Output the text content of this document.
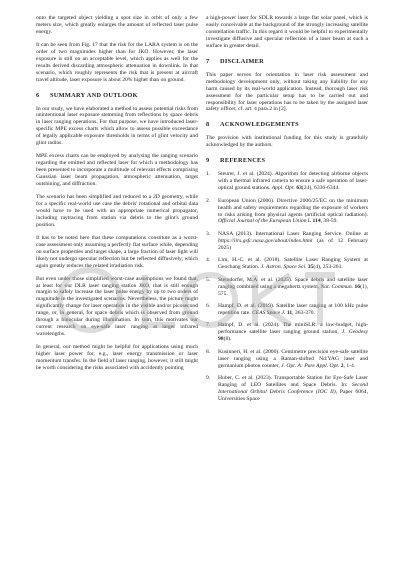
onto the targeted object yielding a spot size in orbit of only a few meters size, which greatly enlarges the amount of reflected laser pulse energy.

It can be seen from Fig. 17 that the risk for the LARA system is on the order of two magnitudes higher than for JKO. However, the laser exposure is still on an acceptable level, which applies as well for the results derived discarding atmospheric attenuation in downlink. In that scenario, which roughly represents the risk that is present at aircraft travel altitude, laser exposure is about 20% higher than on ground.

6 SUMMARY AND OUTLOOK

In our study, we have elaborated a method to assess potential risks from unintentional laser exposure stemming from reflections by space debris in laser ranging operations. For that purpose, we have introduced laser-specific MPE excess charts which allow to assess possible exceedance of legally applicable exposure thresholds in terms of glint velocity and glint radius.

MPE excess charts can be employed by analysing the ranging scenario regarding the emitted and reflected laser for which a methodology has been presented to incorporate a multitude of relevant effects comprising Gaussian laser beam propagation, atmospheric attenuation, target outshining, and diffraction.

The scenario has been simplified and reduced to a 2D geometry, while for a specific real-world use case the debris' rotational and orbital data would have to be used with an appropriate numerical propagator, including raytracing from station via debris to the glint's ground position.

It has to be noted here that these computations constitute as a worst-case assessment only assuming a perfectly flat surface while, depending on surface properties and target shape, a large fraction of laser light will likely not undergo specular reflection but be reflected diffusively, which again greatly reduces the related irradiation risk.

But even under those simplified worst-case assumptions we found that, at least for our DLR laser ranging station JKO, that is still enough margin to safely increase the laser pulse energy by up to two orders of magnitude in the investigated scenarios. Nevertheless, the picture might significantly change for laser operation in the visible and/or picosecond range, or, in general, for space debris which is observed from ground through a binocular during illumination. In sum, this motivates our current research on eye-safe laser ranging at larger infrared wavelengths.

In general, our method might be helpful for applications using much higher laser power for, e.g., laser energy transmission or laser momentum transfer. In the field of laser ranging, however, it still might be worth considering the risks associated with accidently pointing

a high-power laser for SDLR towards a large flat solar panel, which is easily conceivable at the background of the strongly increasing satellite constellation traffic. In this regard it would be helpful to experimentally investigate diffusive and specular reflection of a laser beam at such a surface in greater detail.

7 DISCLAIMER

This paper serves for orientation in laser risk assessment and methodology development only, without taking any liability for any harm caused by its real-world application. Instead, thorough laser risk assessment for the particular setup has to be carried out and responsibility for laser operations has to be taken by the assigned laser safety officer, cf. art. 4 para.2 in [2].

8 ACKNOWLEDGEMENTS

The provision with institutional funding for this study is gratefully acknowledged by the authors.

9 REFERENCES
1.	Steurer, J. et al. (2024). Algorithm for detecting airborne objects with a thermal infrared camera to ensure a safe operation of laser-optical ground stations. Appl. Opt. 63(24), 6336-6344.
2.	European Union (2006). Directive 2006/25/EC on the minimum health and safety requirements regarding the exposure of workers to risks arising from physical agents (artificial optical radiation). Official Journal of the European Union L 114, 38-59.
3.	NASA (2013). International Laser Ranging Service. Online at https://ilrs.gsfc.nasa.gov/about/index.html (as of 12 February 2025)
4.	Lim, H.-C. et al. (2018). Satellite Laser Ranging System at Geochang Station. J. Astron. Space Sci. 35(4), 253-261.
5.	Steindorfer, M.A. et al. (2025). Space debris and satellite laser ranging combined using a megahertz system, Nat. Commun. 16(1), 575.
6.	Hampf, D. et al. (2019). Satellite laser ranging at 100 kHz pulse repetition rate. CEAS Space J. 11, 363-370.
7.	Hampf, D. et al. (2024). The miniSLR: a low-budget, high-performance satellite laser ranging ground station, J. Geodesy 98(8).
8.	Kusinneri, H. et al. (2000). Centimetre precision eye-safe satellite laser ranging using a Raman-shifted Nd:YAG laser and germanium photon counter, J. Opt. A: Pure Appl. Opt. 2, 1-4.
9.	Huber, C. et al. (2023). Transportable Station for Eye-Safe Laser Ranging of LEO Satellites and Space Debris. In: Second International Orbital Debris Conference (IOC II), Paper 6064, Universities Space
